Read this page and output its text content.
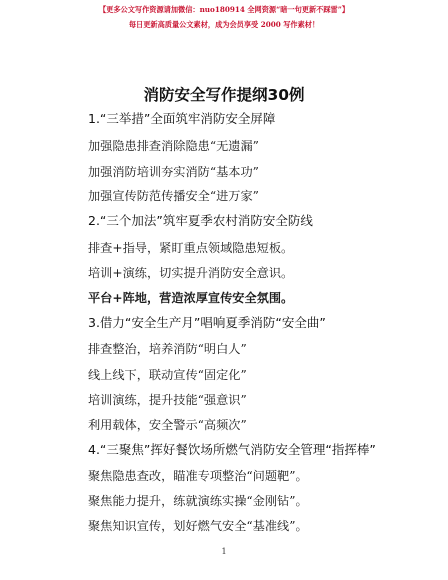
【更多公文写作资源请加微信：nuo180914 全网资源“暗一句更新不踩雷”】
每日更新高质量公文素材，成为会员享受 2000 写作素材！
消防安全写作提纲30例
1.“三举措”全面筑牢消防安全屏障
加强隐患排查消除隐患“无遗漏”
加强消防培训夯实消防“基本功”
加强宣传防范传播安全“进万家”
2.“三个加法”筑牢夏季农村消防安全防线
排查+指导，紧盯重点领域隐患短板。
培训+演练，切实提升消防安全意识。
平台+阵地，营造浓厚宣传安全氛围。
3.借力“安全生产月”唱响夏季消防“安全曲”
排查整治，培养消防“明白人”
线上线下，联动宣传“固定化”
培训演练，提升技能“强意识”
利用载体，安全警示“高频次”
4.“三聚焦”挥好餐饮场所燃气消防安全管理“指挥棒”
聚焦隐患查改，瞄准专项整治“问题靶”。
聚焦能力提升，练就演练实操“金刚钻”。
聚焦知识宣传，划好燃气安全“基准线”。
1
